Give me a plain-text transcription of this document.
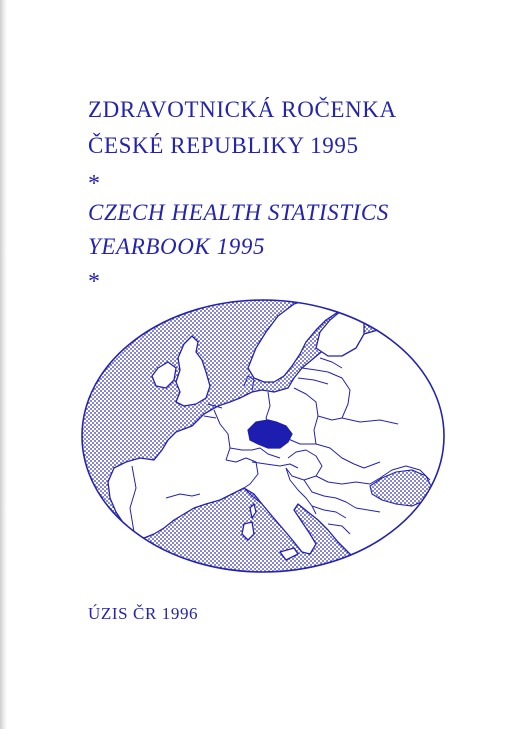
ZDRAVOTNICKÁ ROČENKA
ČESKÉ REPUBLIKY 1995
*
CZECH HEALTH STATISTICS
YEARBOOK 1995
*
ÚZIS ČR 1996
